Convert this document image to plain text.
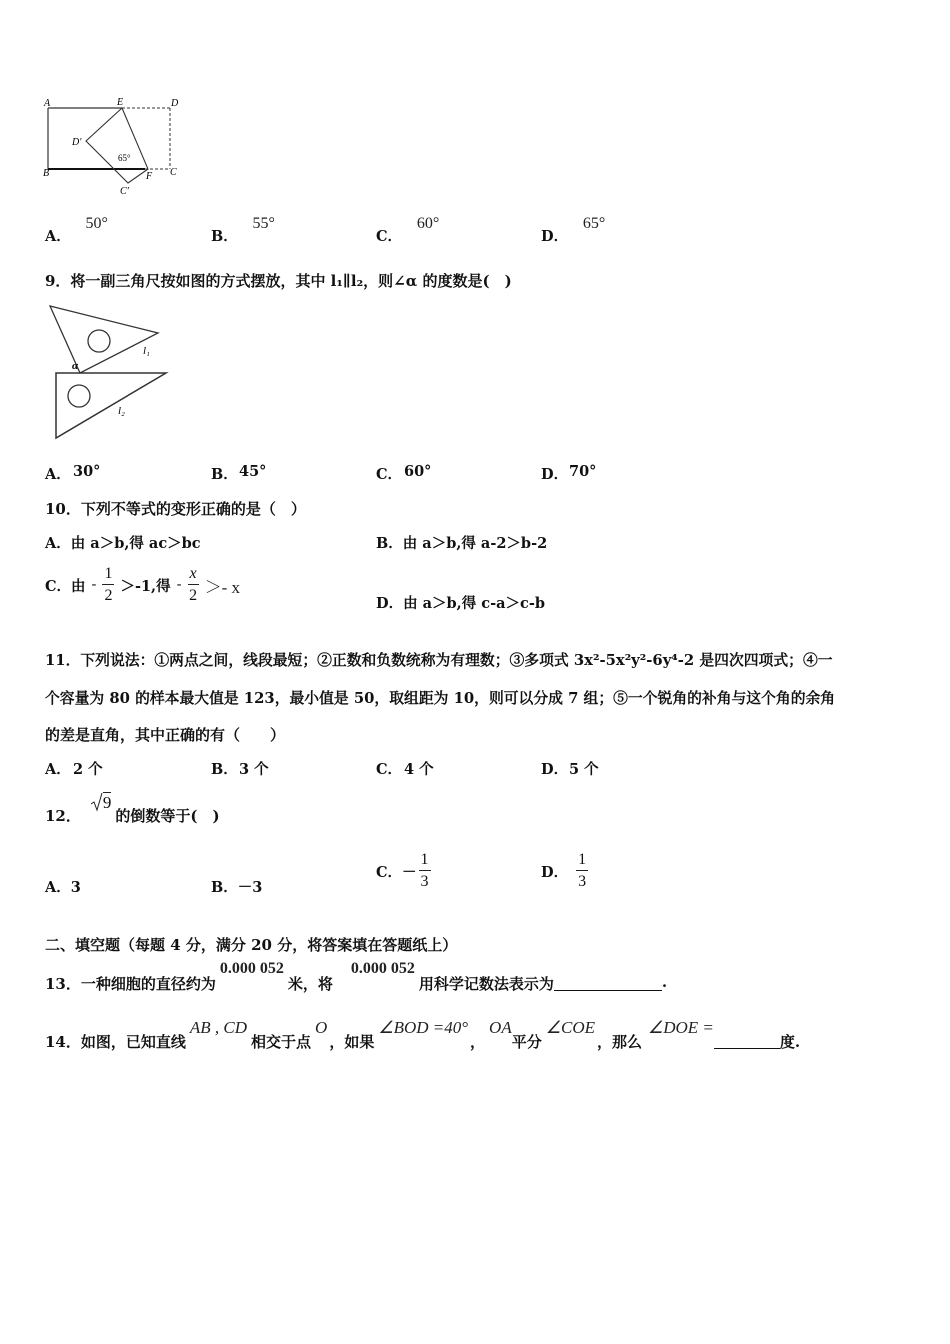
A	E	D
D′
65°
B	C
F
C′
A． 50°
B． 55°
C． 60°
D． 65°
9．将一副三角尺按如图的方式摆放，其中 l₁∥l₂，则∠α 的度数是(　)
l₁
l₂
α
A． 30°	B． 45°	C． 60°	D． 70°
10．下列不等式的变形正确的是（　）
A．由 a＞b,得 ac＞bc	B．由 a＞b,得 a-2＞b-2
C．由 - $\frac{1}{2} >-1$,得 - $\frac{x}{2} >- x$
D．由 a＞b,得 c-a＞c-b
11．下列说法：①两点之间，线段最短；②正数和负数统称为有理数；③多项式 3x²-5x²y²-6y⁴-2 是四次四项式；④一
个容量为 80 的样本最大值是 123，最小值是 50，取组距为 10，则可以分成 7 组；⑤一个锐角的补角与这个角的余角
的差是直角，其中正确的有（　　）
A． 2 个	B． 3 个	C． 4 个	D． 5 个
12．
9
的倒数等于(　)
A．3	B．－3
C．－ $\frac{1}{3}$	D． $\frac{1}{3}$
二、填空题（每题 4 分，满分 20 分，将答案填在答题纸上）
13．一种细胞的直径约为
0.000 052
米，将
0.000 052
用科学记数法表示为	.
14．如图，已知直线
AB , CD
相交于点
O
，如果
∠BOD =40°
，
OA
平分
∠COE
，那么
∠DOE =
度.
